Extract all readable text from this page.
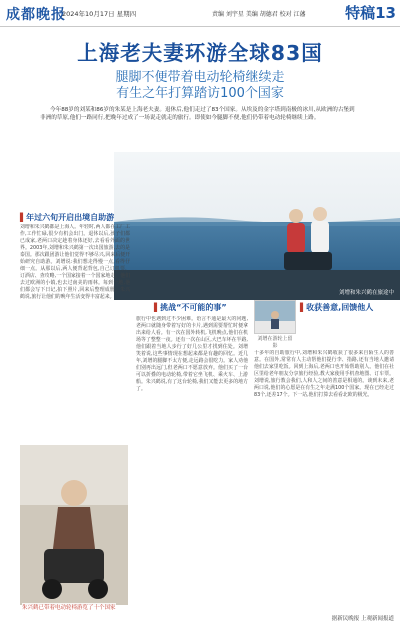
成都晚报
2024年10月17日 星期四	责编 刘宇星 美编 胡德君 校对 江藩	特稿13
上海老夫妻环游全球83国
腿脚不便带着电动轮椅继续走
有生之年打算踏访100个国家
今年88岁的刘某和86岁的朱某是上海老夫妻。退休后,他们走过了83个国家。从埃及的金字塔到南极的冰川,从欧洲的古堡到非洲的草原,他们一路同行,把晚年过成了一场说走就走的旅行。即使如今腿脚不便,他们仍带着电动轮椅继续上路。
刘增和朱兴鹤在旅途中
▌年过六旬开启出境自助游
刘增和朱兴鹤都是上海人。年轻时,两人都在工厂工作,工作忙碌,很少有机会出门。退休以后,孩子们都已成家,老两口决定趁着身体还好,去看看外面的世界。2003年,刘增和朱兴鹤第一次出国旅游,去的是泰国。那次跟团游让他们觉得不够尽兴,回来后便开始研究自助游。刘增说:我们想走得慢一点,看得仔细一点。从那以后,两人便背起背包,自己订机票、订酒店、查攻略,一个国家接着一个国家地走。他们去过欧洲的小镇,也去过南美的雨林。每到一地,他们都会写下日记,拍下照片,回来后整理成册。朱兴鹤说,旅行让他们的晚年生活变得丰富起来。
▌挑战“不可能的事”
旅行中也遇到过不少困难。语言不通是最大的问题,老两口就随身带着写好的卡片,遇到需要帮忙时便拿出来给人看。有一次在国外转机,飞机晚点,他们在机场等了整整一夜。还有一次在山区,大巴车坏在半路,他们跟着当地人步行了好几公里才找到住处。刘增笑着说,这些事情现在想起来都是有趣的回忆。近几年,刘增的腿脚不太方便,走远路会很吃力。家人劝他们别再出远门,但老两口不愿意放弃。他们买了一台可以折叠的电动轮椅,带着它坐飞机、乘火车、上游船。朱兴鹤说,有了这台轮椅,我们又能去更多的地方了。
刘增在游轮上留影
▌收获善意,回馈他人
十多年的自助旅行中,刘增和朱兴鹤收获了很多来自陌生人的善意。在国外,常常有人主动帮他们提行李、指路,还有当地人邀请他们去家里吃饭。回到上海后,老两口也开始帮助别人。他们在社区里给老年朋友分享旅行经验,教大家使用手机查地图、订车票。刘增说,旅行教会我们,人和人之间的善意是相通的。谈到未来,老两口说,他们的心愿是在有生之年走满100个国家。现在已经走过83个,还差17个。下一站,他们打算去看看北欧的极光。
朱兴鹤已带着电动轮椅游览了十个国家
据新民晚报 上观新闻报道
